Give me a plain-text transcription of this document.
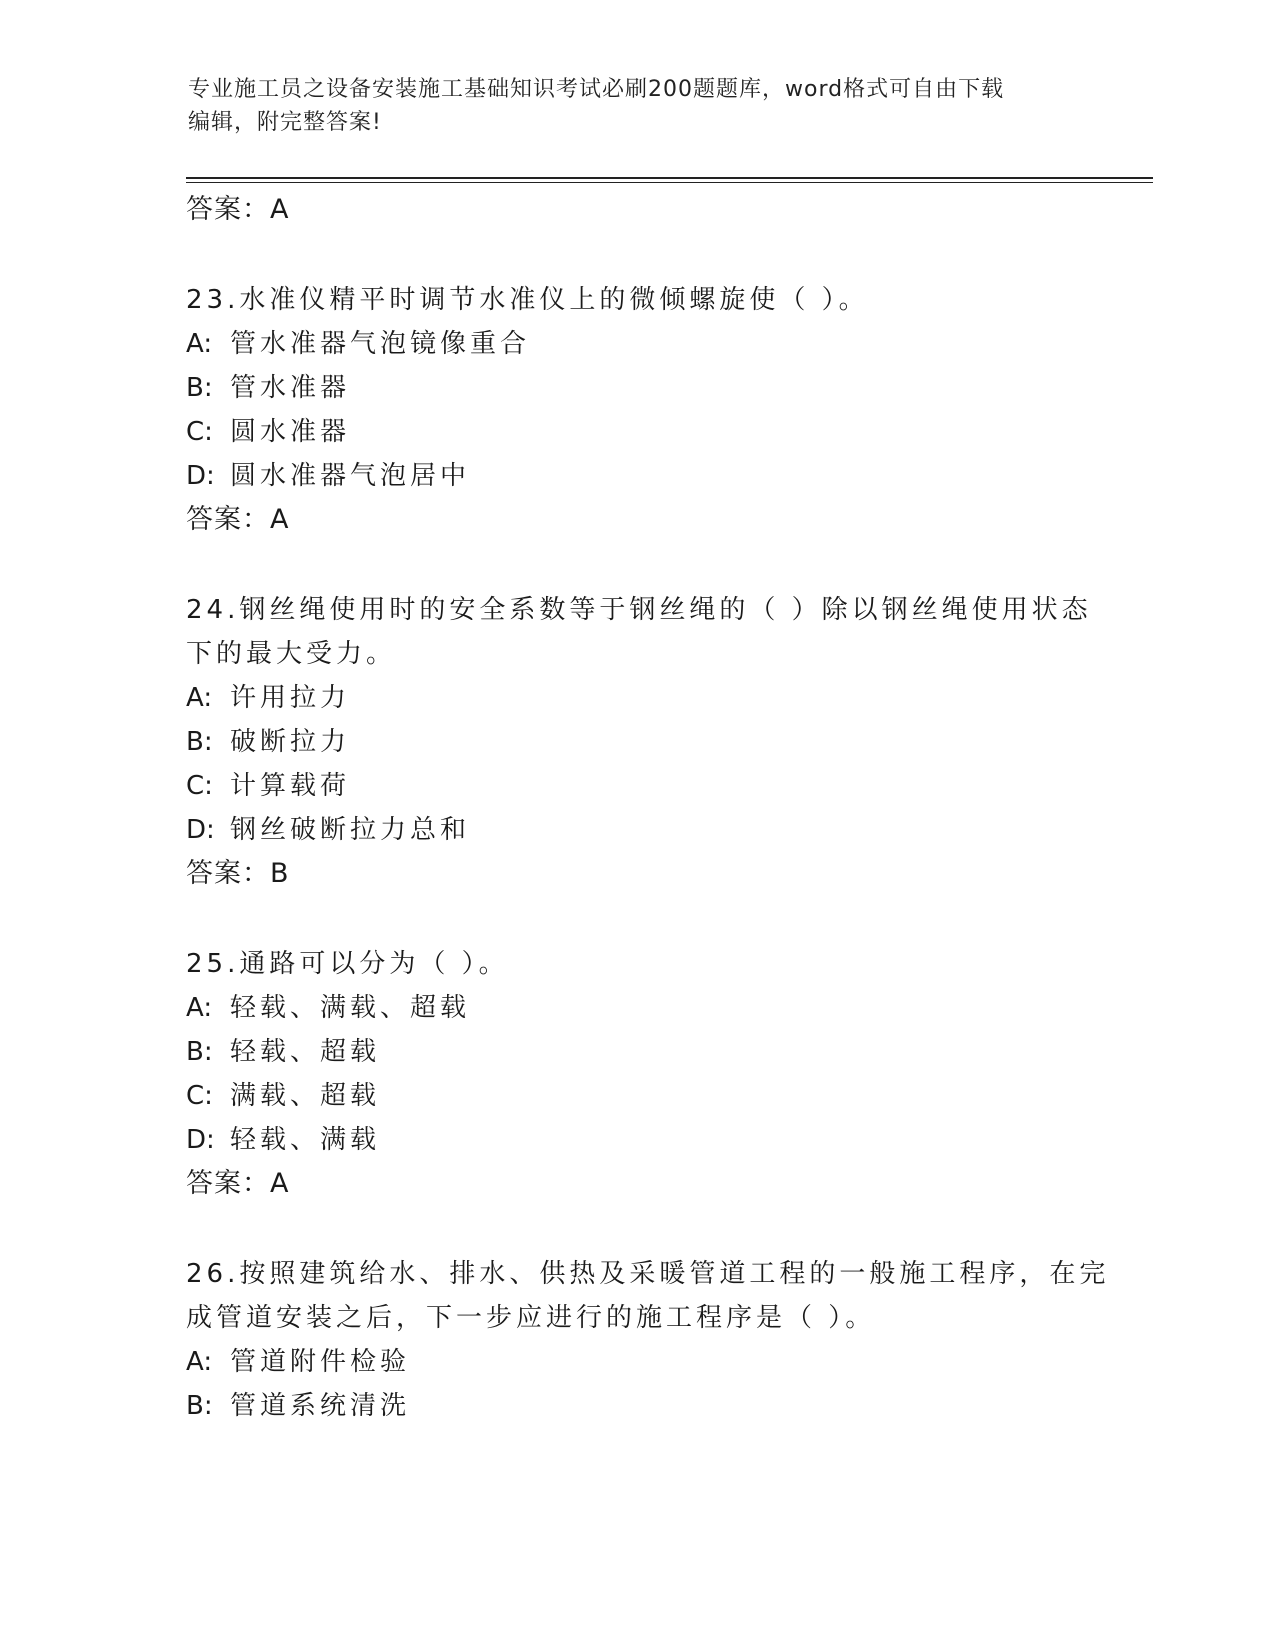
专业施工员之设备安装施工基础知识考试必刷200题题库，word格式可自由下载
编辑，附完整答案!
答案：A
23.水准仪精平时调节水准仪上的微倾螺旋使（ ）。
A: 管水准器气泡镜像重合
B: 管水准器
C: 圆水准器
D: 圆水准器气泡居中
答案：A
24.钢丝绳使用时的安全系数等于钢丝绳的（ ）除以钢丝绳使用状态
下的最大受力。
A: 许用拉力
B: 破断拉力
C: 计算载荷
D: 钢丝破断拉力总和
答案：B
25.通路可以分为（ ）。
A: 轻载、满载、超载
B: 轻载、超载
C: 满载、超载
D: 轻载、满载
答案：A
26.按照建筑给水、排水、供热及采暖管道工程的一般施工程序，在完
成管道安装之后，下一步应进行的施工程序是（ ）。
A: 管道附件检验
B: 管道系统清洗
